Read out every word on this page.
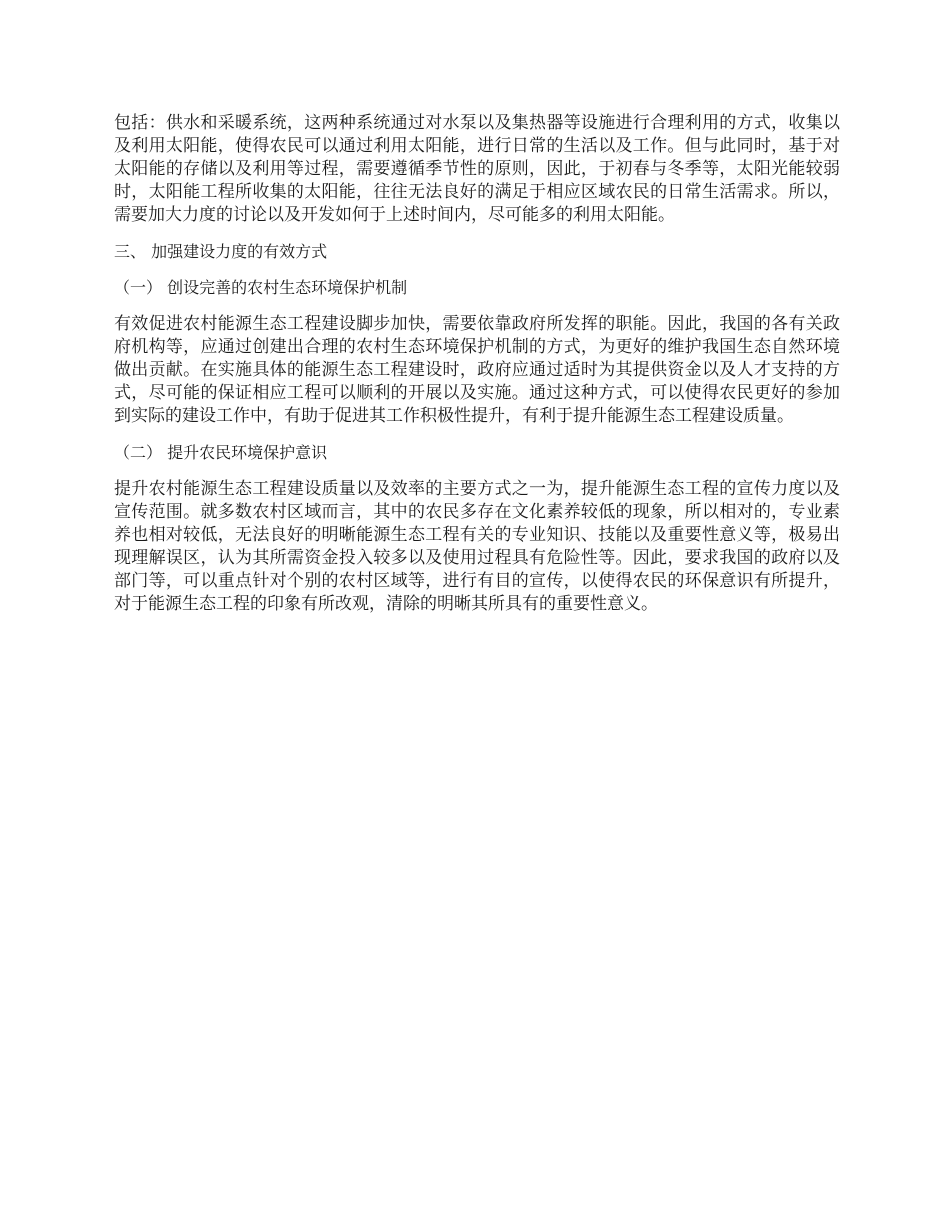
包括：供水和采暖系统，这两种系统通过对水泵以及集热器等设施进行合理利用的方式，收集以及利用太阳能，使得农民可以通过利用太阳能，进行日常的生活以及工作。但与此同时，基于对太阳能的存储以及利用等过程，需要遵循季节性的原则，因此，于初春与冬季等，太阳光能较弱时，太阳能工程所收集的太阳能，往往无法良好的满足于相应区域农民的日常生活需求。所以，需要加大力度的讨论以及开发如何于上述时间内，尽可能多的利用太阳能。

三、 加强建设力度的有效方式

（一） 创设完善的农村生态环境保护机制

有效促进农村能源生态工程建设脚步加快，需要依靠政府所发挥的职能。因此，我国的各有关政府机构等，应通过创建出合理的农村生态环境保护机制的方式，为更好的维护我国生态自然环境做出贡献。在实施具体的能源生态工程建设时，政府应通过适时为其提供资金以及人才支持的方式，尽可能的保证相应工程可以顺利的开展以及实施。通过这种方式，可以使得农民更好的参加到实际的建设工作中，有助于促进其工作积极性提升，有利于提升能源生态工程建设质量。

（二） 提升农民环境保护意识

提升农村能源生态工程建设质量以及效率的主要方式之一为，提升能源生态工程的宣传力度以及宣传范围。就多数农村区域而言，其中的农民多存在文化素养较低的现象，所以相对的，专业素养也相对较低，无法良好的明晰能源生态工程有关的专业知识、技能以及重要性意义等，极易出现理解误区，认为其所需资金投入较多以及使用过程具有危险性等。因此，要求我国的政府以及部门等，可以重点针对个别的农村区域等，进行有目的宣传，以使得农民的环保意识有所提升，对于能源生态工程的印象有所改观，清除的明晰其所具有的重要性意义。
